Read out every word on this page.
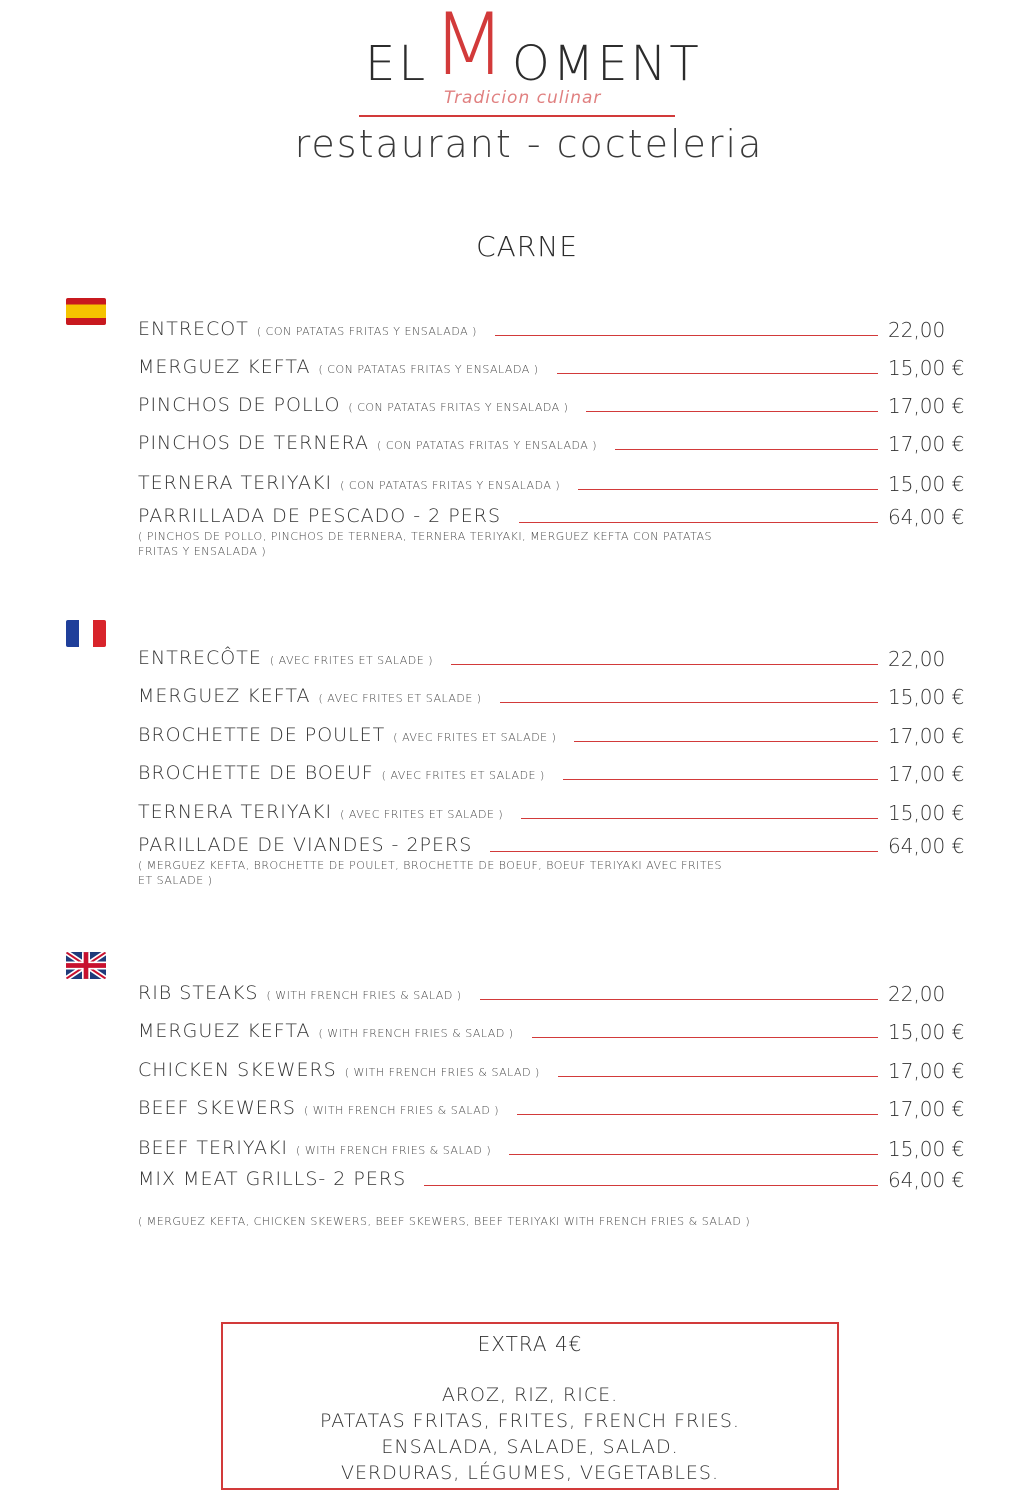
EL M OMENT
Tradicion culinar
restaurant - cocteleria
CARNE
ENTRECOT ( CON PATATAS FRITAS Y ENSALADA )	22,00
MERGUEZ KEFTA ( CON PATATAS FRITAS Y ENSALADA )	15,00 €
PINCHOS DE POLLO ( CON PATATAS FRITAS Y ENSALADA )	17,00 €
PINCHOS DE TERNERA ( CON PATATAS FRITAS Y ENSALADA )	17,00 €
TERNERA TERIYAKI ( CON PATATAS FRITAS Y ENSALADA )	15,00 €
PARRILLADA DE PESCADO - 2 PERS	64,00 €
( PINCHOS DE POLLO, PINCHOS DE TERNERA, TERNERA TERIYAKI, MERGUEZ KEFTA CON PATATAS FRITAS Y ENSALADA )
ENTRECÔTE ( AVEC FRITES ET SALADE )	22,00
MERGUEZ KEFTA ( AVEC FRITES ET SALADE )	15,00 €
BROCHETTE DE POULET ( AVEC FRITES ET SALADE )	17,00 €
BROCHETTE DE BOEUF ( AVEC FRITES ET SALADE )	17,00 €
TERNERA TERIYAKI ( AVEC FRITES ET SALADE )	15,00 €
PARILLADE DE VIANDES - 2PERS	64,00 €
( MERGUEZ KEFTA, BROCHETTE DE POULET, BROCHETTE DE BOEUF, BOEUF TERIYAKI AVEC FRITES ET SALADE )
RIB STEAKS ( WITH FRENCH FRIES & SALAD )	22,00
MERGUEZ KEFTA ( WITH FRENCH FRIES & SALAD )	15,00 €
CHICKEN SKEWERS ( WITH FRENCH FRIES & SALAD )	17,00 €
BEEF SKEWERS ( WITH FRENCH FRIES & SALAD )	17,00 €
BEEF TERIYAKI ( WITH FRENCH FRIES & SALAD )	15,00 €
MIX MEAT GRILLS- 2 PERS	64,00 €
( MERGUEZ KEFTA, CHICKEN SKEWERS, BEEF SKEWERS, BEEF TERIYAKI WITH FRENCH FRIES & SALAD )
EXTRA 4€
AROZ, RIZ, RICE.
PATATAS FRITAS, FRITES, FRENCH FRIES.
ENSALADA, SALADE, SALAD.
VERDURAS, LÉGUMES, VEGETABLES.
